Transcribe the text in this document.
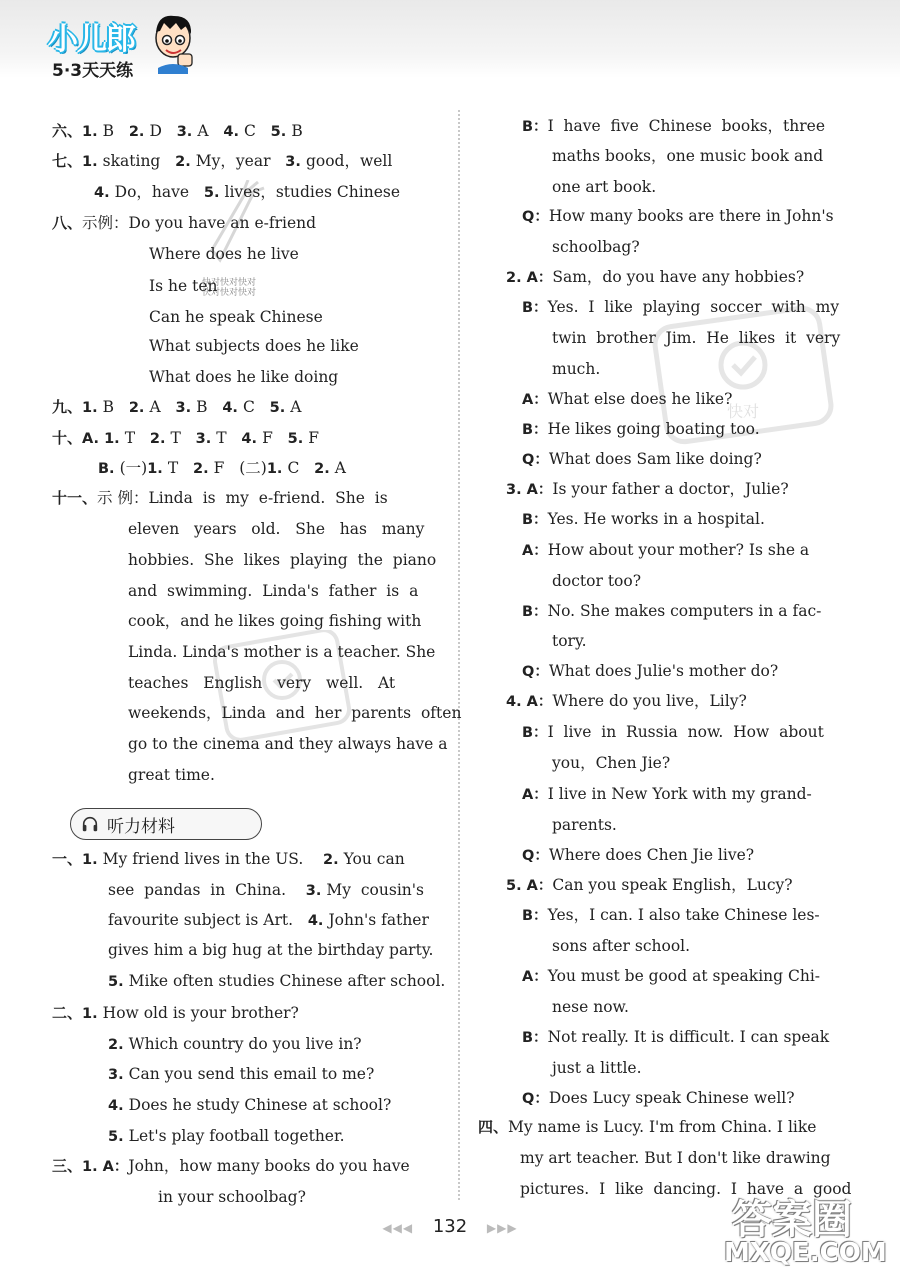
小儿郎
5·3天天练
听力材料
快对快对快对
快对快对快对
六、1. B   2. D   3. A   4. C   5. B
七、1. skating   2. My，year   3. good，well
4. Do，have   5. lives，studies Chinese
八、示例：Do you have an e-friend
Where does he live
Is he ten
Can he speak Chinese
What subjects does he like
What does he like doing
九、1. B   2. A   3. B   4. C   5. A
十、A. 1. T   2. T   3. T   4. F   5. F
B. (一)1. T   2. F   (二)1. C   2. A
十一、示 例：Linda  is  my  e-friend.  She  is
eleven   years   old.   She   has   many
hobbies.  She  likes  playing  the  piano
and  swimming.  Linda's  father  is  a
cook，and he likes going fishing with
Linda. Linda's mother is a teacher. She
teaches   English   very   well.   At
weekends，Linda  and  her  parents  often
go to the cinema and they always have a
great time.
一、1. My friend lives in the US.    2. You can
see  pandas  in  China.    3. My  cousin's
favourite subject is Art.   4. John's father
gives him a big hug at the birthday party.
5. Mike often studies Chinese after school.
二、1. How old is your brother?
2. Which country do you live in?
3. Can you send this email to me?
4. Does he study Chinese at school?
5. Let's play football together.
三、1. A：John，how many books do you have
in your schoolbag?
快对
B：I  have  five  Chinese  books，three
maths books，one music book and
one art book.
Q：How many books are there in John's
schoolbag?
2. A：Sam，do you have any hobbies?
B：Yes.  I  like  playing  soccer  with  my
twin  brother  Jim.  He  likes  it  very
much.
A：What else does he like?
B：He likes going boating too.
Q：What does Sam like doing?
3. A：Is your father a doctor，Julie?
B：Yes. He works in a hospital.
A：How about your mother? Is she a
doctor too?
B：No. She makes computers in a fac-
tory.
Q：What does Julie's mother do?
4. A：Where do you live，Lily?
B：I  live  in  Russia  now.  How  about
you，Chen Jie?
A：I live in New York with my grand-
parents.
Q：Where does Chen Jie live?
5. A：Can you speak English，Lucy?
B：Yes，I can. I also take Chinese les-
sons after school.
A：You must be good at speaking Chi-
nese now.
B：Not really. It is difficult. I can speak
just a little.
Q：Does Lucy speak Chinese well?
四、My name is Lucy. I'm from China. I like
my art teacher. But I don't like drawing
pictures.  I  like  dancing.  I  have  a  good
◀◀◀ 132 ▶▶▶	答案圈
MXQE.COM
